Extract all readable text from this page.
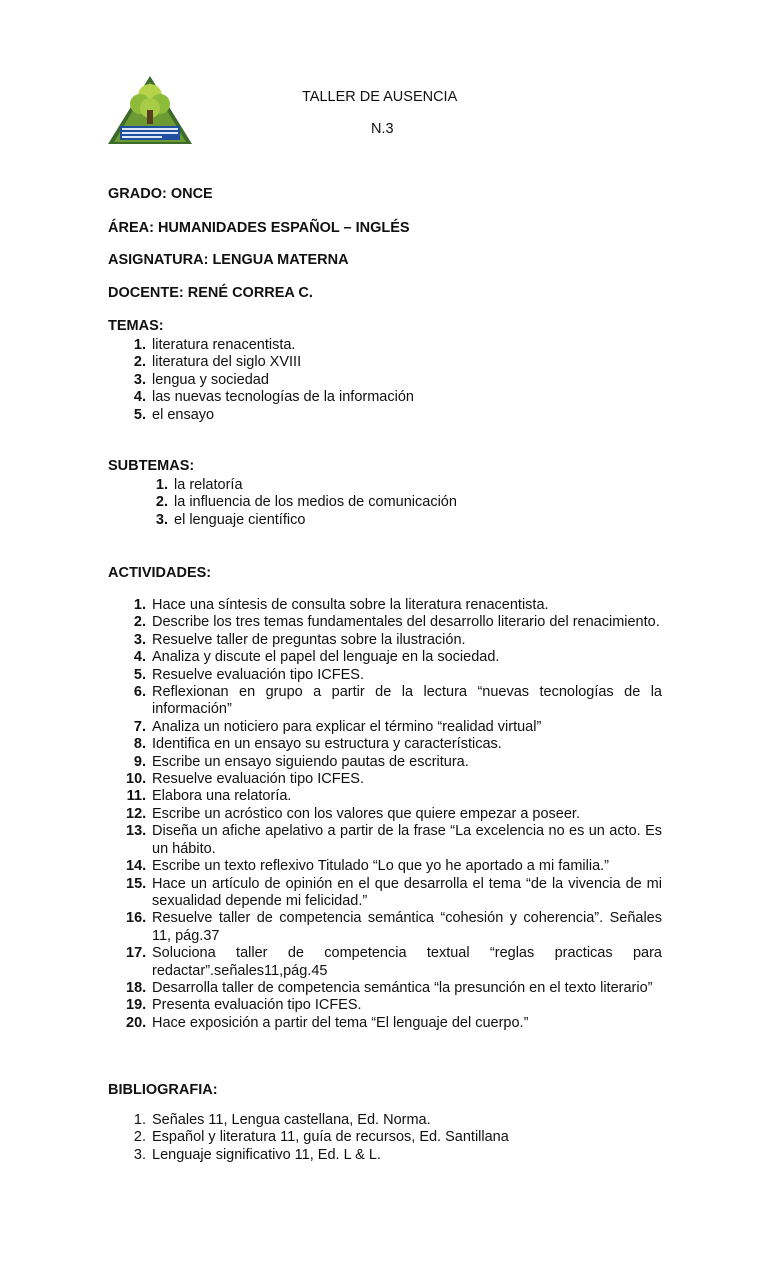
TALLER DE AUSENCIA
N.3
GRADO: ONCE
ÁREA: HUMANIDADES ESPAÑOL – INGLÉS
ASIGNATURA: LENGUA MATERNA
DOCENTE: RENÉ CORREA C.
TEMAS:
1. literatura renacentista.
2. literatura del siglo XVIII
3. lengua y sociedad
4. las nuevas tecnologías de la información
5. el ensayo
SUBTEMAS:
1. la relatoría
2. la influencia de los medios de comunicación
3. el lenguaje científico
ACTIVIDADES:
1. Hace una síntesis de consulta sobre la literatura renacentista.
2. Describe los tres temas fundamentales del desarrollo literario del renacimiento.
3. Resuelve taller de preguntas sobre la ilustración.
4. Analiza y discute el papel del lenguaje en la sociedad.
5. Resuelve evaluación tipo ICFES.
6. Reflexionan en grupo a partir de la lectura “nuevas tecnologías de la información”
7. Analiza un noticiero para explicar el término “realidad virtual”
8. Identifica en un ensayo su estructura y características.
9. Escribe un ensayo siguiendo pautas de escritura.
10. Resuelve evaluación tipo ICFES.
11. Elabora una relatoría.
12. Escribe un acróstico con los valores que quiere empezar a poseer.
13. Diseña un afiche apelativo a partir de la frase “La excelencia no es un acto. Es un hábito.
14. Escribe un texto reflexivo Titulado “Lo que yo he aportado a mi familia.”
15. Hace un artículo de opinión en el que desarrolla el tema “de la vivencia de mi sexualidad depende mi felicidad.”
16. Resuelve taller de competencia semántica “cohesión y coherencia”. Señales 11, pág.37
17. Soluciona taller de competencia textual “reglas practicas para redactar”.señales11,pág.45
18. Desarrolla taller de competencia semántica “la presunción en el texto literario”
19. Presenta evaluación tipo ICFES.
20. Hace exposición a partir del tema “El lenguaje del cuerpo.”
BIBLIOGRAFIA:
1. Señales 11, Lengua castellana, Ed. Norma.
2. Español y literatura 11, guía de recursos, Ed. Santillana
3. Lenguaje significativo 11, Ed. L & L.
